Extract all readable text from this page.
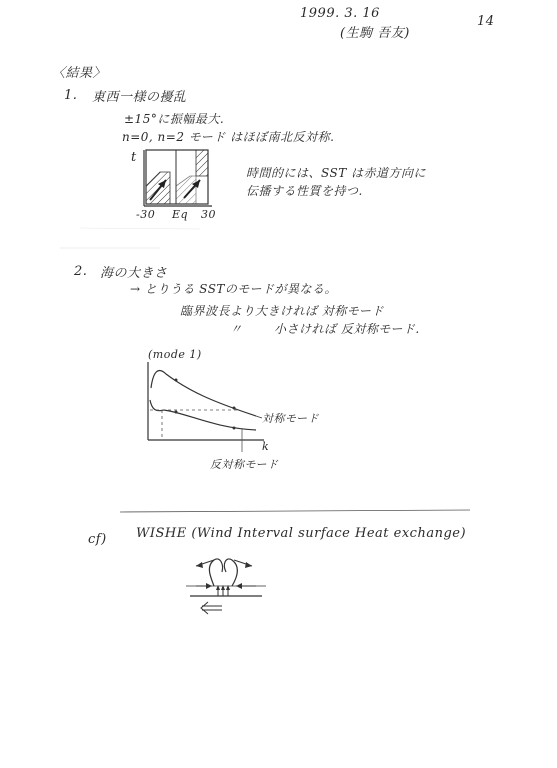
1999. 3. 16
(生駒 吾友)
14
〈結果〉
1. 東西一様の擾乱
±15°に振幅最大.
n=0, n=2 モード はほぼ南北反対称.
時間的には、SST は赤道方向に
伝播する性質を持つ.
t
-30 Eq 30
2. 海の大きさ
→ とりうる SSTのモードが異なる。
臨界波長より大きければ 対称モード
〃	小さければ 反対称モード.
(mode 1)
対称モード
k
反対称モード
cf) WISHE (Wind Interval surface Heat exchange)
